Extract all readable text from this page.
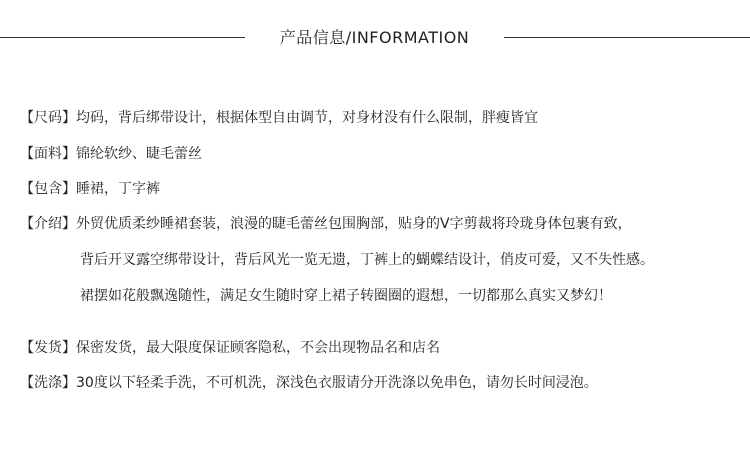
产品信息/INFORMATION
【尺码】均码，背后绑带设计，根据体型自由调节，对身材没有什么限制，胖瘦皆宜
【面料】锦纶软纱、睫毛蕾丝
【包含】睡裙，丁字裤
【介绍】外贸优质柔纱睡裙套装，浪漫的睫毛蕾丝包围胸部，贴身的V字剪裁将玲珑身体包裹有致，
背后开叉露空绑带设计，背后风光一览无遗，丁裤上的蝴蝶结设计，俏皮可爱，又不失性感。
裙摆如花般飘逸随性，满足女生随时穿上裙子转圈圈的遐想，一切都那么真实又梦幻！
【发货】保密发货，最大限度保证顾客隐私，不会出现物品名和店名
【洗涤】30度以下轻柔手洗，不可机洗，深浅色衣服请分开洗涤以免串色，请勿长时间浸泡。
